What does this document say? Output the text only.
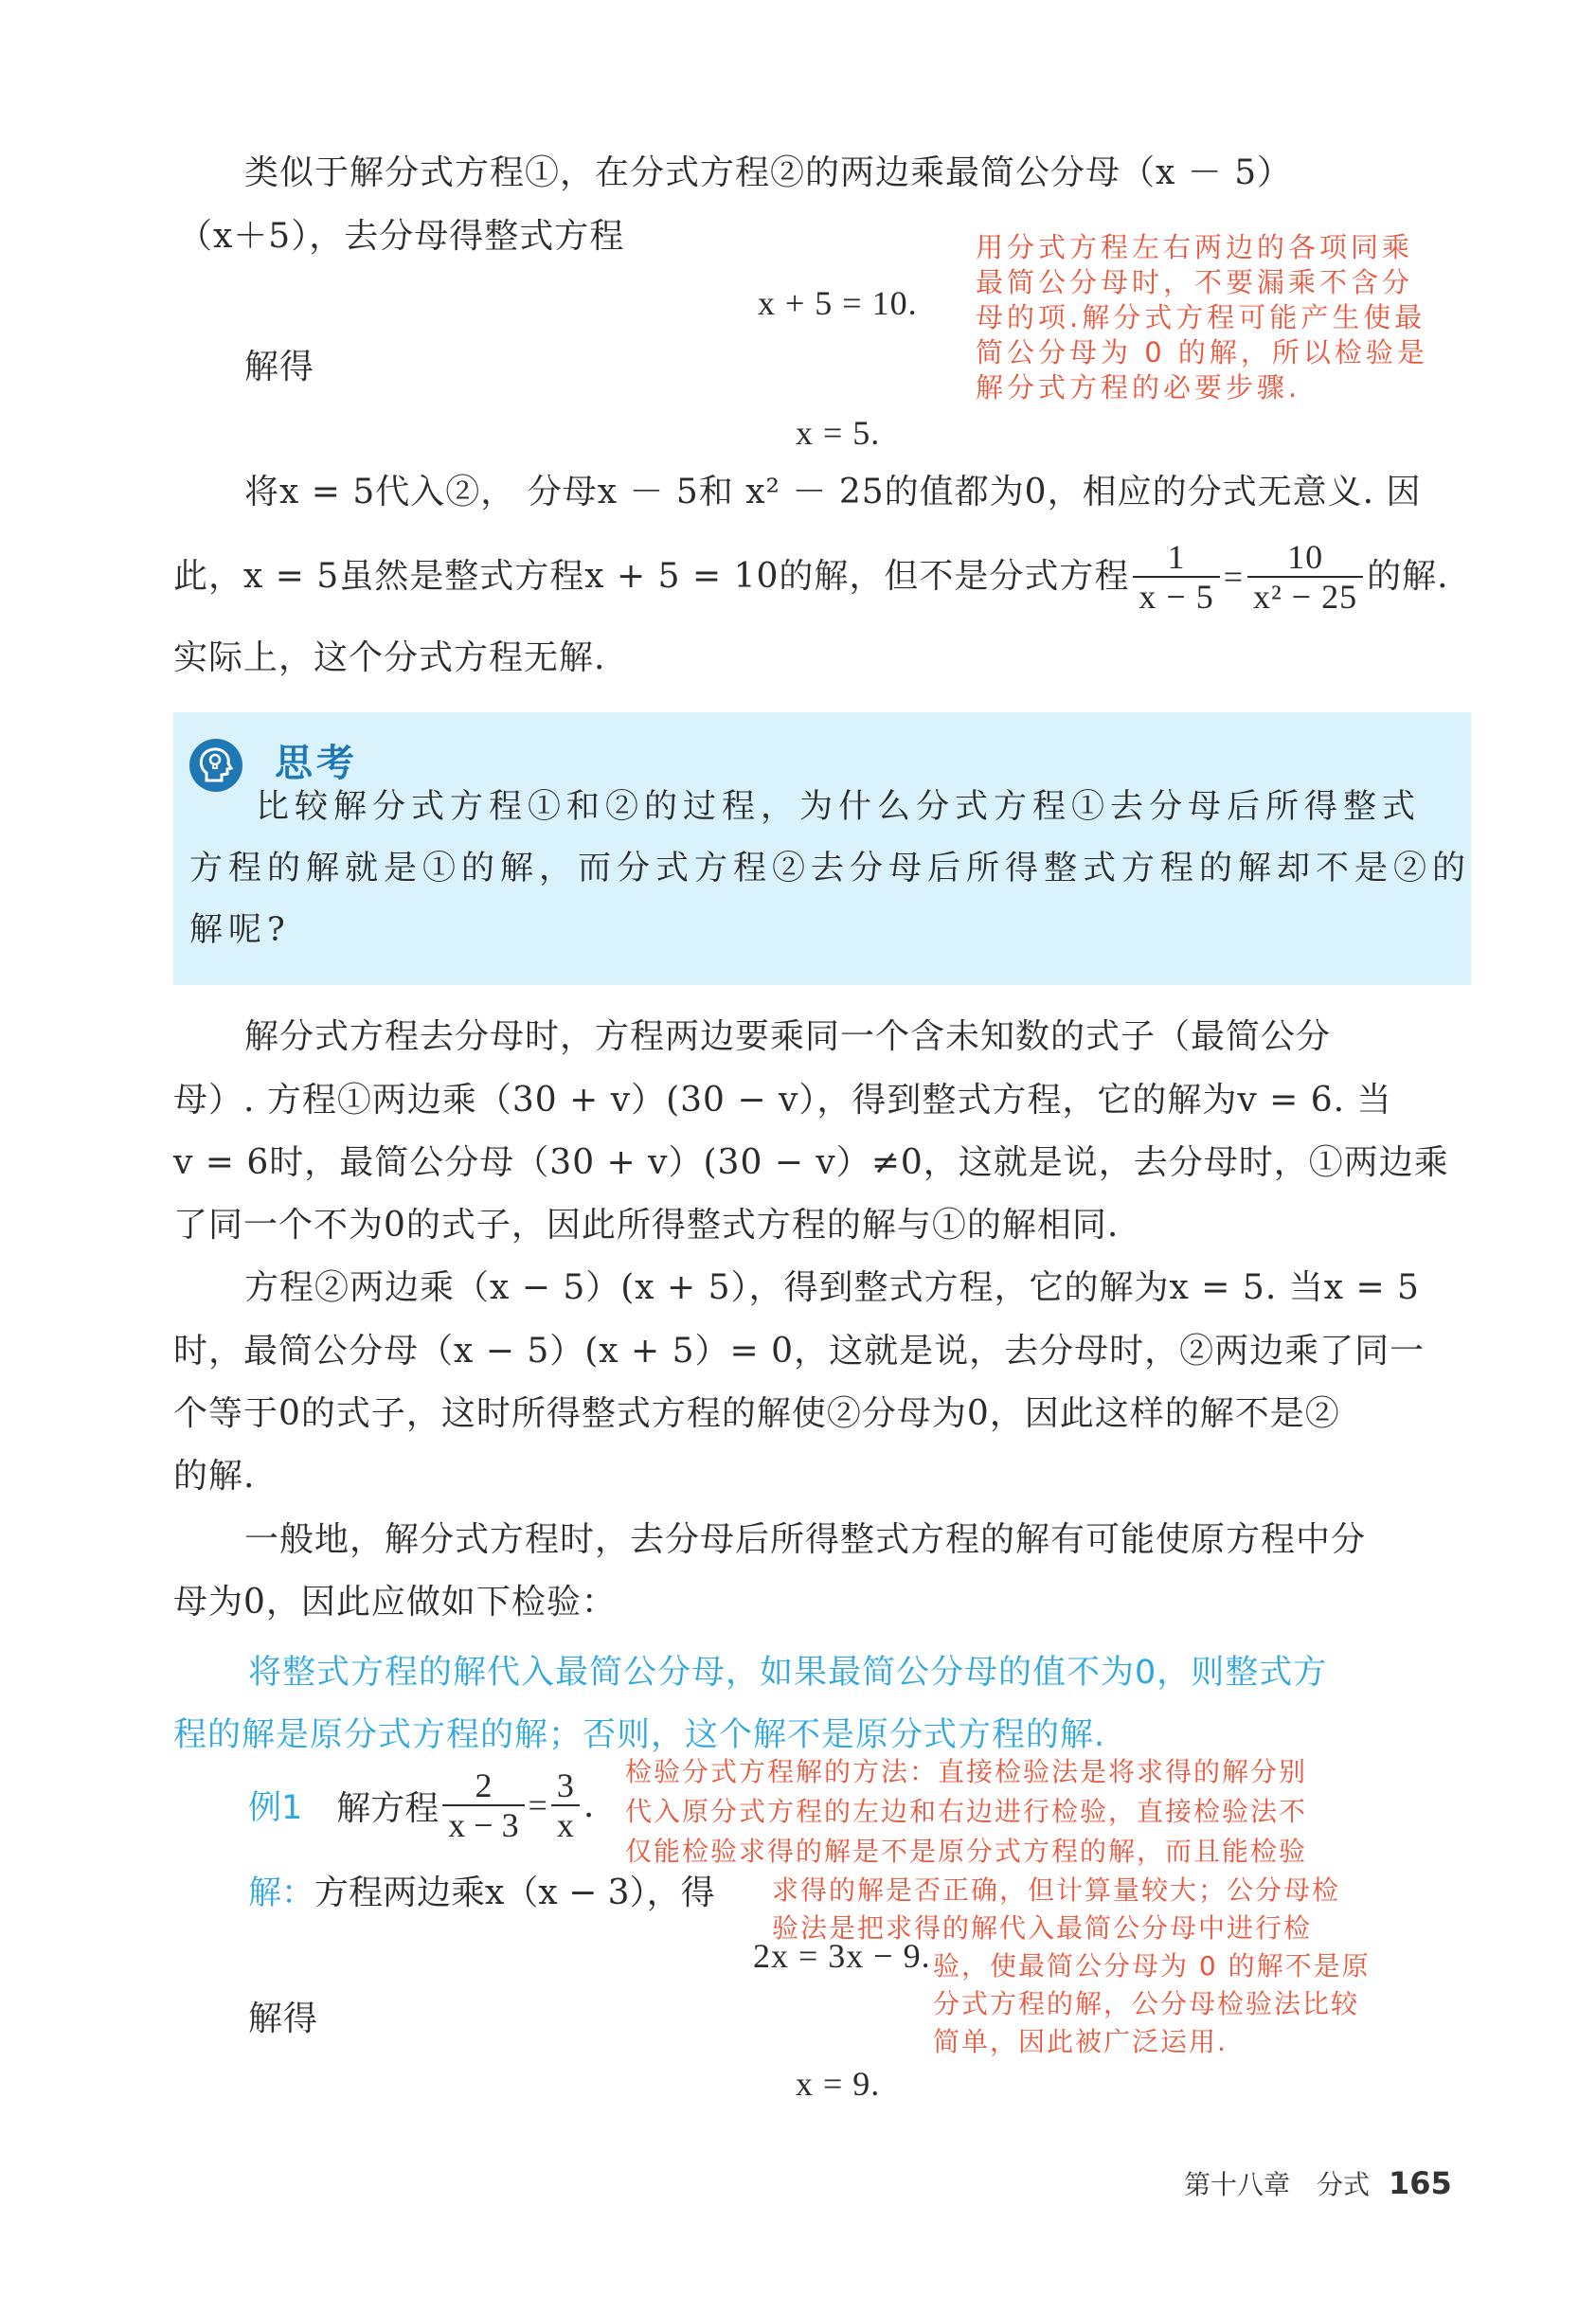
类似于解分式方程①，在分式方程②的两边乘最简公分母（x － 5）
（x＋5），去分母得整式方程
x + 5 = 10.
解得
x = 5.
用分式方程左右两边的各项同乘
最简公分母时，不要漏乘不含分
母的项.解分式方程可能产生使最
简公分母为 0 的解，所以检验是
解分式方程的必要步骤.
将x = 5代入②， 分母x － 5和 x² － 25的值都为0，相应的分式无意义. 因
此，x = 5虽然是整式方程x + 5 = 10的解，但不是分式方程 $\frac{1}{x - 5} = \frac{10}{\text{x² − 25}}$ 的解.
实际上，这个分式方程无解.
思考
比较解分式方程①和②的过程，为什么分式方程①去分母后所得整式
方程的解就是①的解，而分式方程②去分母后所得整式方程的解却不是②的
解呢?
解分式方程去分母时，方程两边要乘同一个含未知数的式子（最简公分
母）. 方程①两边乘（30 + v）(30 − v），得到整式方程，它的解为v = 6. 当
v = 6时，最简公分母（30 + v）(30 − v）≠0，这就是说，去分母时，①两边乘
了同一个不为0的式子，因此所得整式方程的解与①的解相同.
方程②两边乘（x − 5）(x + 5），得到整式方程，它的解为x = 5. 当x = 5
时，最简公分母（x − 5）(x + 5）= 0，这就是说，去分母时，②两边乘了同一
个等于0的式子，这时所得整式方程的解使②分母为0，因此这样的解不是②
的解.
一般地，解分式方程时，去分母后所得整式方程的解有可能使原方程中分
母为0，因此应做如下检验：
将整式方程的解代入最简公分母，如果最简公分母的值不为0，则整式方
程的解是原分式方程的解；否则，这个解不是原分式方程的解.
例1 解方程 $\frac{2}{x - 3} = \frac{3}{x}$ .
解：方程两边乘x（x − 3），得
2x = 3x − 9.
解得
x = 9.
检验分式方程解的方法：直接检验法是将求得的解分别
代入原分式方程的左边和右边进行检验，直接检验法不
仅能检验求得的解是不是原分式方程的解，而且能检验
求得的解是否正确，但计算量较大；公分母检
验法是把求得的解代入最简公分母中进行检
验，使最简公分母为 0 的解不是原
分式方程的解，公分母检验法比较
简单，因此被广泛运用.
第十八章　分式 165
